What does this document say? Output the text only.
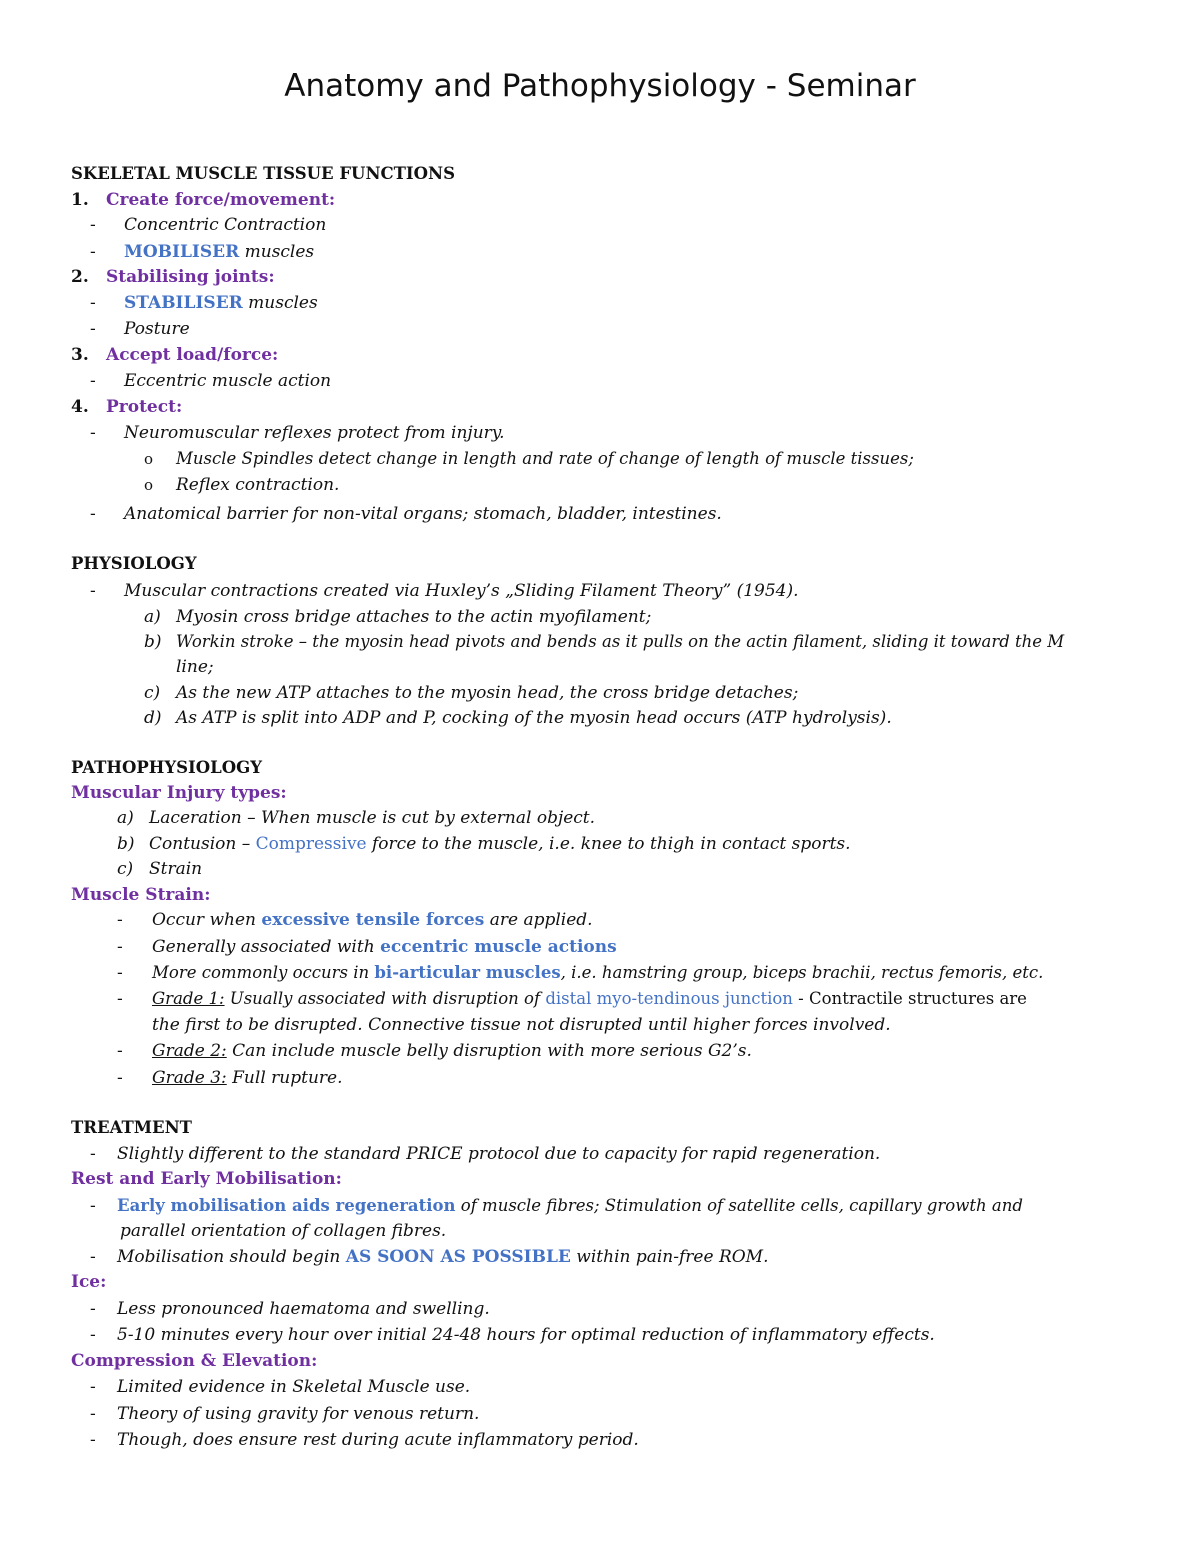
Anatomy and Pathophysiology - Seminar
SKELETAL MUSCLE TISSUE FUNCTIONS
1. Create force/movement:
- Concentric Contraction
- MOBILISER muscles
2. Stabilising joints:
- STABILISER muscles
- Posture
3. Accept load/force:
- Eccentric muscle action
4. Protect:
- Neuromuscular reflexes protect from injury.
o Muscle Spindles detect change in length and rate of change of length of muscle tissues;
o Reflex contraction.
- Anatomical barrier for non-vital organs; stomach, bladder, intestines.
PHYSIOLOGY
- Muscular contractions created via Huxley’s „Sliding Filament Theory” (1954).
a) Myosin cross bridge attaches to the actin myofilament;
b) Workin stroke – the myosin head pivots and bends as it pulls on the actin filament, sliding it toward the M
line;
c) As the new ATP attaches to the myosin head, the cross bridge detaches;
d) As ATP is split into ADP and P, cocking of the myosin head occurs (ATP hydrolysis).
PATHOPHYSIOLOGY
Muscular Injury types:
a) Laceration – When muscle is cut by external object.
b) Contusion – Compressive force to the muscle, i.e. knee to thigh in contact sports.
c) Strain
Muscle Strain:
- Occur when excessive tensile forces are applied.
- Generally associated with eccentric muscle actions
- More commonly occurs in bi-articular muscles, i.e. hamstring group, biceps brachii, rectus femoris, etc.
- Grade 1: Usually associated with disruption of distal myo-tendinous junction - Contractile structures are
the first to be disrupted. Connective tissue not disrupted until higher forces involved.
- Grade 2: Can include muscle belly disruption with more serious G2’s.
- Grade 3: Full rupture.
TREATMENT
- Slightly different to the standard PRICE protocol due to capacity for rapid regeneration.
Rest and Early Mobilisation:
- Early mobilisation aids regeneration of muscle fibres; Stimulation of satellite cells, capillary growth and
parallel orientation of collagen fibres.
- Mobilisation should begin AS SOON AS POSSIBLE within pain-free ROM.
Ice:
- Less pronounced haematoma and swelling.
- 5-10 minutes every hour over initial 24-48 hours for optimal reduction of inflammatory effects.
Compression & Elevation:
- Limited evidence in Skeletal Muscle use.
- Theory of using gravity for venous return.
- Though, does ensure rest during acute inflammatory period.
